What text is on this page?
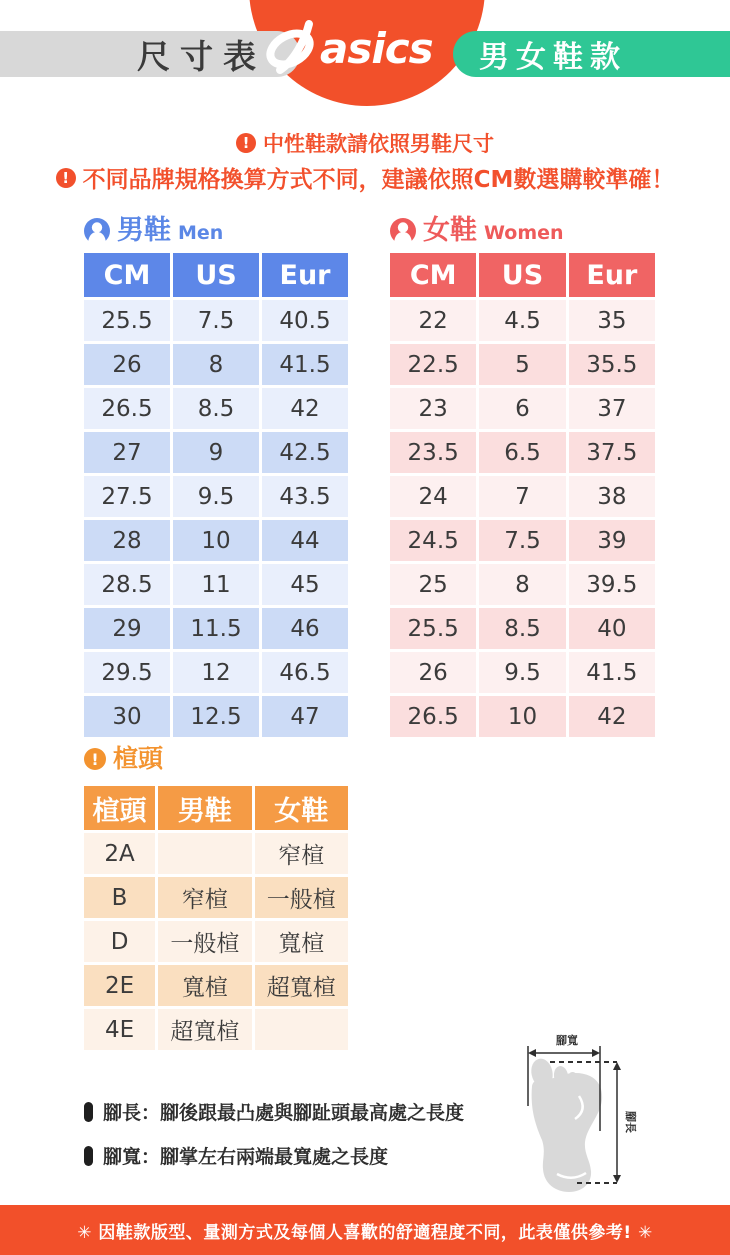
尺寸表	男女鞋款
asics
! 中性鞋款請依照男鞋尺寸
! 不同品牌規格換算方式不同，建議依照CM數選購較準確！
男鞋 Men
CM	US	Eur
25.5	7.5	40.5
26	8	41.5
26.5	8.5	42
27	9	42.5
27.5	9.5	43.5
28	10	44
28.5	11	45
29	11.5	46
29.5	12	46.5
30	12.5	47
女鞋 Women
CM	US	Eur
22	4.5	35
22.5	5	35.5
23	6	37
23.5	6.5	37.5
24	7	38
24.5	7.5	39
25	8	39.5
25.5	8.5	40
26	9.5	41.5
26.5	10	42
! 楦頭
楦頭	男鞋	女鞋
2A		窄楦
B	窄楦	一般楦
D	一般楦	寬楦
2E	寬楦	超寬楦
4E	超寬楦	
腳長：腳後跟最凸處與腳趾頭最高處之長度
腳寬：腳掌左右兩端最寬處之長度
腳寬
腳長
✳ 因鞋款版型、量測方式及每個人喜歡的舒適程度不同，此表僅供參考! ✳
